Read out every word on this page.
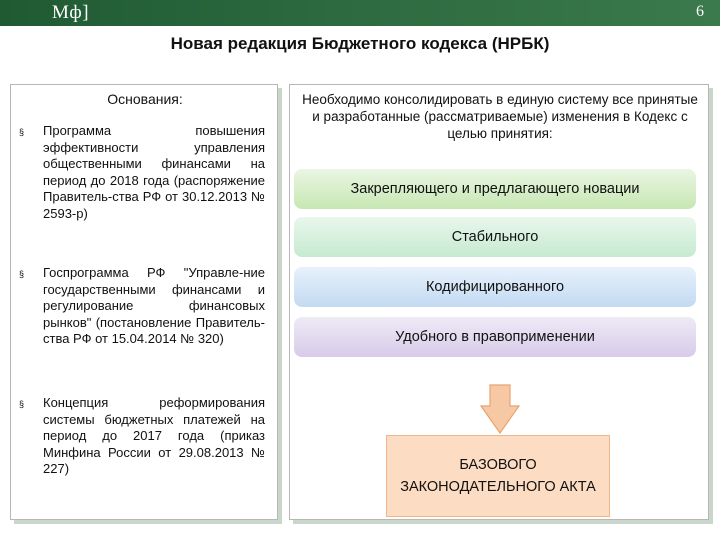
Мф]	6
Новая редакция Бюджетного кодекса (НРБК)
Основания:
§ Программа повышения эффективности управления общественными финансами на период до 2018 года (распоряжение Правитель-ства РФ от 30.12.2013 № 2593-р)
§ Госпрограмма РФ "Управле-ние государственными финансами и регулирование финансовых рынков" (постановление Правитель-ства РФ от 15.04.2014 № 320)
§ Концепция реформирования системы бюджетных платежей на период до 2017 года (приказ Минфина России от 29.08.2013 № 227)
Необходимо консолидировать в единую систему все принятые и разработанные (рассматриваемые) изменения в Кодекс с целью принятия:
Закрепляющего и предлагающего новации
Стабильного
Кодифицированного
Удобного в правоприменении
БАЗОВОГО ЗАКОНОДАТЕЛЬНОГО АКТА
